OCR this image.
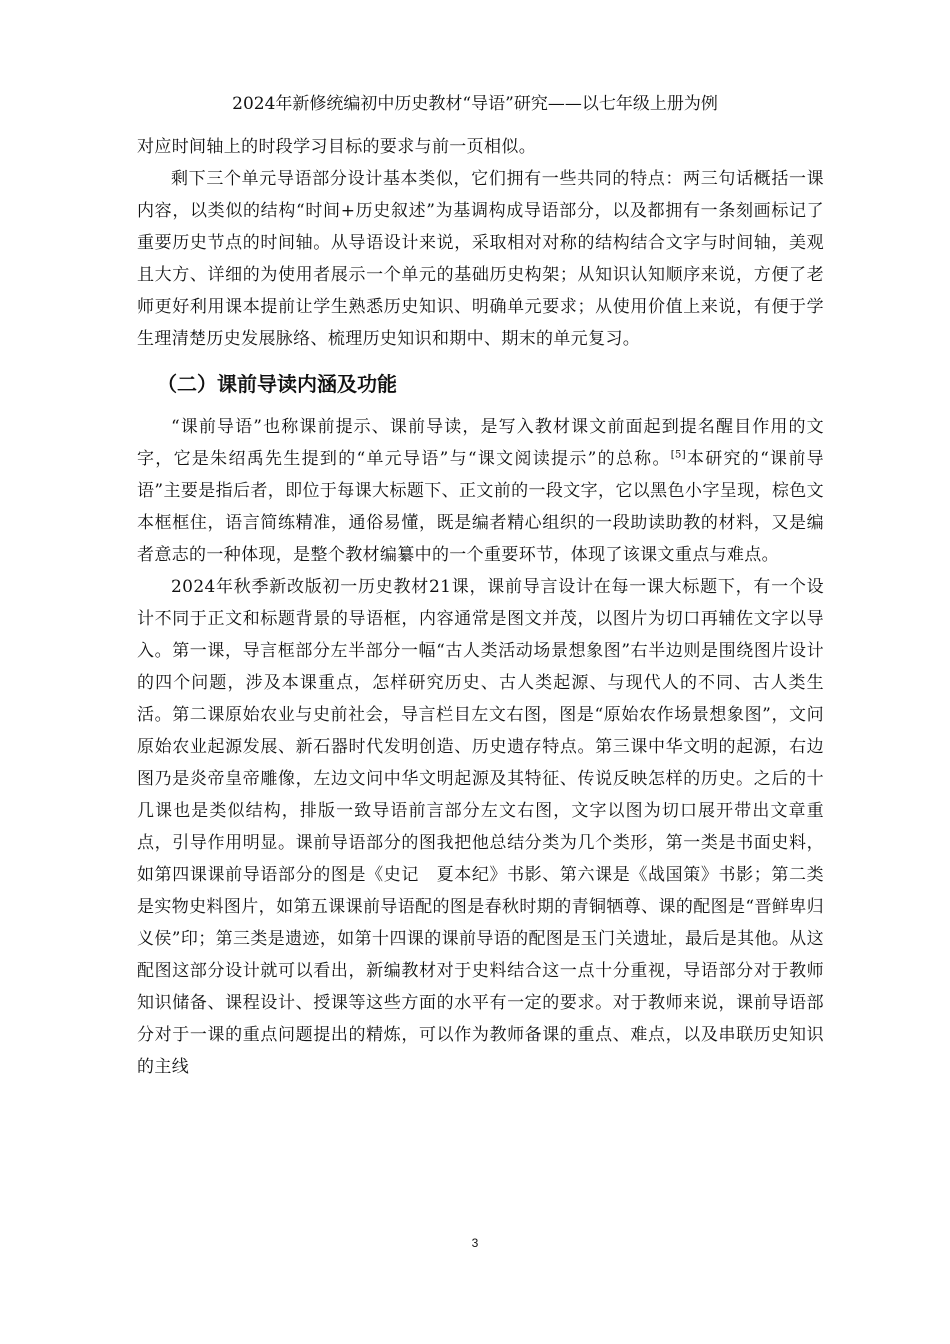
2024年新修统编初中历史教材“导语”研究——以七年级上册为例

对应时间轴上的时段学习目标的要求与前一页相似。

剩下三个单元导语部分设计基本类似，它们拥有一些共同的特点：两三句话概括一课内容，以类似的结构“时间+历史叙述”为基调构成导语部分，以及都拥有一条刻画标记了重要历史节点的时间轴。从导语设计来说，采取相对对称的结构结合文字与时间轴，美观且大方、详细的为使用者展示一个单元的基础历史构架；从知识认知顺序来说，方便了老师更好利用课本提前让学生熟悉历史知识、明确单元要求；从使用价值上来说，有便于学生理清楚历史发展脉络、梳理历史知识和期中、期末的单元复习。

（二）课前导读内涵及功能

“课前导语”也称课前提示、课前导读，是写入教材课文前面起到提名醒目作用的文字，它是朱绍禹先生提到的“单元导语”与“课文阅读提示”的总称。[5]本研究的“课前导语”主要是指后者，即位于每课大标题下、正文前的一段文字，它以黑色小字呈现，棕色文本框框住，语言简练精准，通俗易懂，既是编者精心组织的一段助读助教的材料，又是编者意志的一种体现，是整个教材编纂中的一个重要环节，体现了该课文重点与难点。

2024年秋季新改版初一历史教材21课，课前导言设计在每一课大标题下，有一个设计不同于正文和标题背景的导语框，内容通常是图文并茂，以图片为切口再辅佐文字以导入。第一课，导言框部分左半部分一幅“古人类活动场景想象图”右半边则是围绕图片设计的四个问题，涉及本课重点，怎样研究历史、古人类起源、与现代人的不同、古人类生活。第二课原始农业与史前社会，导言栏目左文右图，图是“原始农作场景想象图”，文问原始农业起源发展、新石器时代发明创造、历史遗存特点。第三课中华文明的起源，右边图乃是炎帝皇帝雕像，左边文问中华文明起源及其特征、传说反映怎样的历史。之后的十几课也是类似结构，排版一致导语前言部分左文右图，文字以图为切口展开带出文章重点，引导作用明显。课前导语部分的图我把他总结分类为几个类形，第一类是书面史料，如第四课课前导语部分的图是《史记　夏本纪》书影、第六课是《战国策》书影；第二类是实物史料图片，如第五课课前导语配的图是春秋时期的青铜牺尊、课的配图是“晋鲜卑归义侯”印；第三类是遗迹，如第十四课的课前导语的配图是玉门关遗址，最后是其他。从这配图这部分设计就可以看出，新编教材对于史料结合这一点十分重视，导语部分对于教师知识储备、课程设计、授课等这些方面的水平有一定的要求。对于教师来说，课前导语部分对于一课的重点问题提出的精炼，可以作为教师备课的重点、难点，以及串联历史知识的主线

3
